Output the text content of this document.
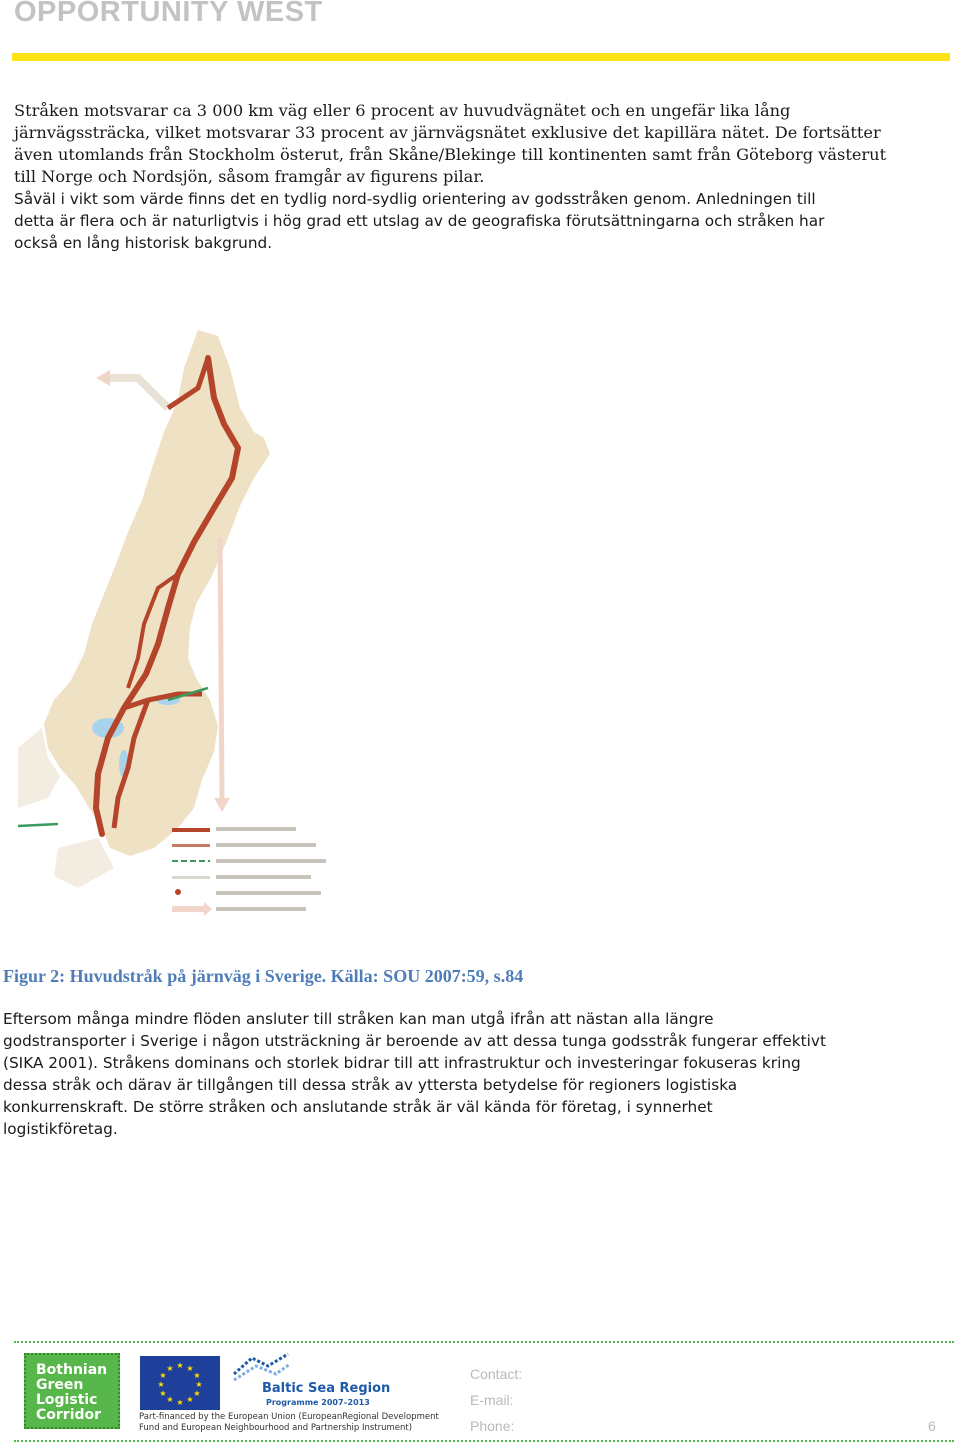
OPPORTUNITY WEST
Stråken motsvarar ca 3 000 km väg eller 6 procent av huvudvägnätet och en ungefär lika lång
järnvägssträcka, vilket motsvarar 33 procent av järnvägsnätet exklusive det kapillära nätet. De fortsätter
även utomlands från Stockholm österut, från Skåne/Blekinge till kontinenten samt från Göteborg västerut
till Norge och Nordsjön, såsom framgår av figurens pilar.
Såväl i vikt som värde finns det en tydlig nord-sydlig orientering av godsstråken genom. Anledningen till
detta är flera och är naturligtvis i hög grad ett utslag av de geografiska förutsättningarna och stråken har
också en lång historisk bakgrund.
Figur 2: Huvudstråk på järnväg i Sverige. Källa: SOU 2007:59, s.84
Eftersom många mindre flöden ansluter till stråken kan man utgå ifrån att nästan alla längre
godstransporter i Sverige i någon utsträckning är beroende av att dessa tunga godsstråk fungerar effektivt
(SIKA 2001). Stråkens dominans och storlek bidrar till att infrastruktur och investeringar fokuseras kring
dessa stråk och därav är tillgången till dessa stråk av yttersta betydelse för regioners logistiska
konkurrenskraft. De större stråken och anslutande stråk är väl kända för företag, i synnerhet
logistikföretag.
Bothnian
Green
Logistic
Corridor
★ ★
★
★
★
★
★
★
★
★
★
★
Baltic Sea Region
Programme 2007–2013
Part-financed by the European Union (EuropeanRegional Development
Fund and European Neighbourhood and Partnership Instrument)
Contact:
E-mail:
Phone:	6
